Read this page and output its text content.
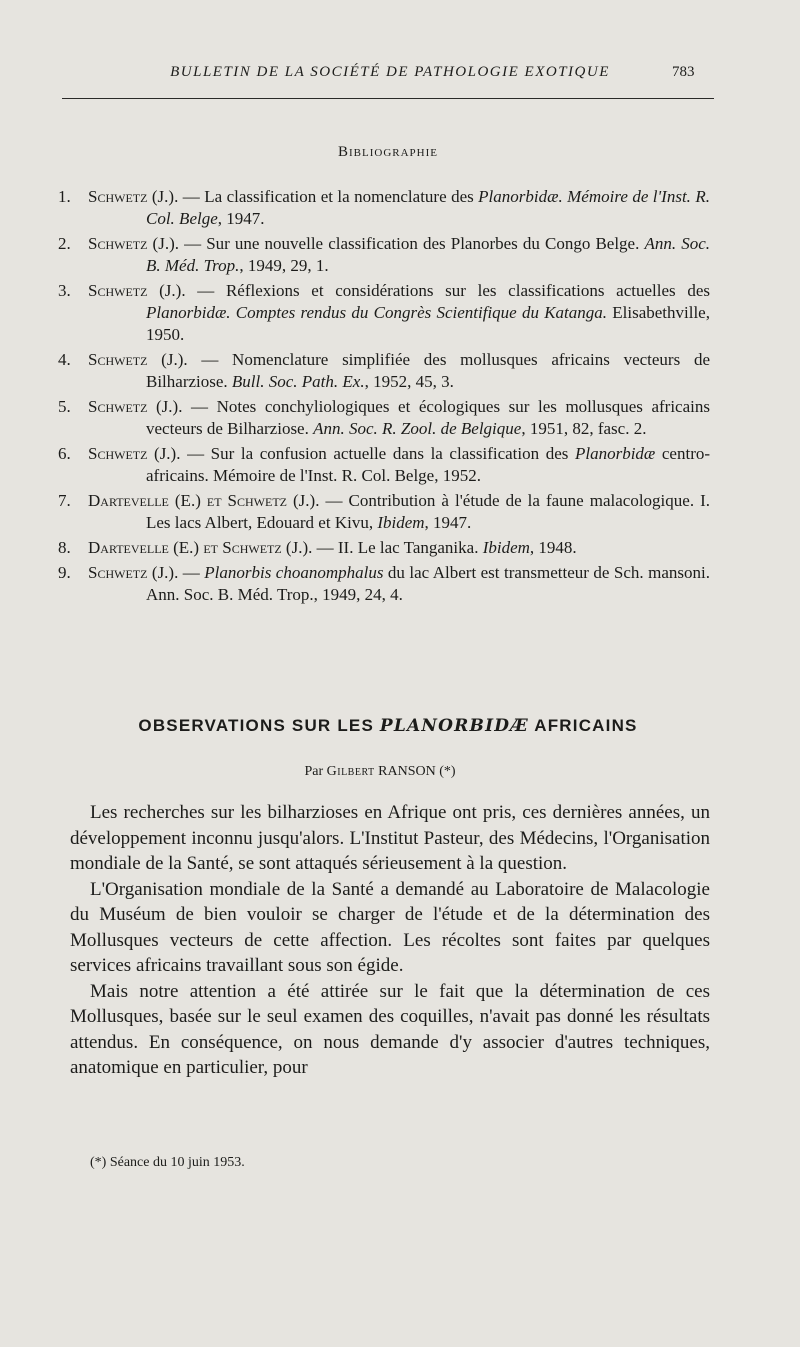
BULLETIN DE LA SOCIÉTÉ DE PATHOLOGIE EXOTIQUE	783
Bibliographie
1.	Schwetz (J.). — La classification et la nomenclature des Planorbidæ. Mémoire de l'Inst. R. Col. Belge, 1947.
2.	Schwetz (J.). — Sur une nouvelle classification des Planorbes du Congo Belge. Ann. Soc. B. Méd. Trop., 1949, 29, 1.
3.	Schwetz (J.). — Réflexions et considérations sur les classifications actuelles des Planorbidæ. Comptes rendus du Congrès Scientifique du Katanga. Elisabethville, 1950.
4.	Schwetz (J.). — Nomenclature simplifiée des mollusques africains vecteurs de Bilharziose. Bull. Soc. Path. Ex., 1952, 45, 3.
5.	Schwetz (J.). — Notes conchyliologiques et écologiques sur les mollusques africains vecteurs de Bilharziose. Ann. Soc. R. Zool. de Belgique, 1951, 82, fasc. 2.
6.	Schwetz (J.). — Sur la confusion actuelle dans la classification des Planorbidæ centro-africains. Mémoire de l'Inst. R. Col. Belge, 1952.
7.	Dartevelle (E.) et Schwetz (J.). — Contribution à l'étude de la faune malacologique. I. Les lacs Albert, Edouard et Kivu, Ibidem, 1947.
8.	Dartevelle (E.) et Schwetz (J.). — II. Le lac Tanganika. Ibidem, 1948.
9.	Schwetz (J.). — Planorbis choanomphalus du lac Albert est transmetteur de Sch. mansoni. Ann. Soc. B. Méd. Trop., 1949, 24, 4.
OBSERVATIONS SUR LES PLANORBIDÆ AFRICAINS
Par Gilbert RANSON (*)

Les recherches sur les bilharzioses en Afrique ont pris, ces dernières années, un développement inconnu jusqu'alors. L'Institut Pasteur, des Médecins, l'Organisation mondiale de la Santé, se sont attaqués sérieusement à la question.

L'Organisation mondiale de la Santé a demandé au Laboratoire de Malacologie du Muséum de bien vouloir se charger de l'étude et de la détermination des Mollusques vecteurs de cette affection. Les récoltes sont faites par quelques services africains travaillant sous son égide.

Mais notre attention a été attirée sur le fait que la détermination de ces Mollusques, basée sur le seul examen des coquilles, n'avait pas donné les résultats attendus. En conséquence, on nous demande d'y associer d'autres techniques, anatomique en particulier, pour

(*) Séance du 10 juin 1953.
